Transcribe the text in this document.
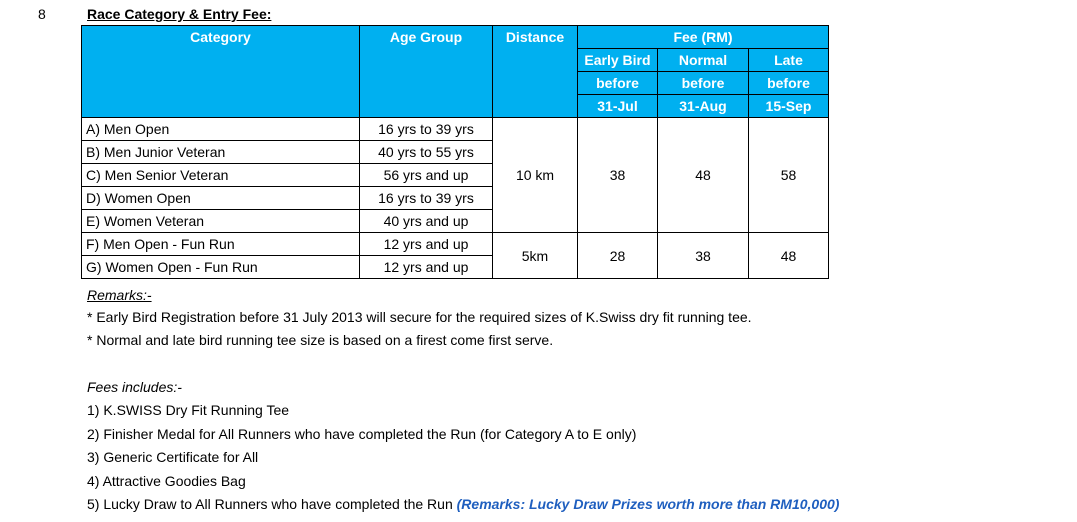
8	Race Category & Entry Fee:
Category	Age Group	Distance	Fee (RM)		
			Early Bird	Normal	Late
			before	before	before
			31-Jul	31-Aug	15-Sep
A) Men Open	16 yrs to 39 yrs	10 km	38	48	58
B) Men Junior Veteran	40 yrs to 55 yrs				
C) Men Senior Veteran	56 yrs and up				
D) Women Open	16 yrs to 39 yrs				
E) Women Veteran	40 yrs and up				
F) Men Open - Fun Run	12 yrs and up	5km	28	38	48
G) Women Open - Fun Run	12 yrs and up				
Remarks:-
* Early Bird Registration before 31 July 2013 will secure for the required sizes of K.Swiss dry fit running tee.
* Normal and late bird running tee size is based on a firest come first serve.
Fees includes:-
1) K.SWISS Dry Fit Running Tee
2) Finisher Medal for All Runners who have completed the Run (for Category A to E only)
3) Generic Certificate for All
4) Attractive Goodies Bag
5) Lucky Draw to All Runners who have completed the Run (Remarks: Lucky Draw Prizes worth more than RM10,000)
